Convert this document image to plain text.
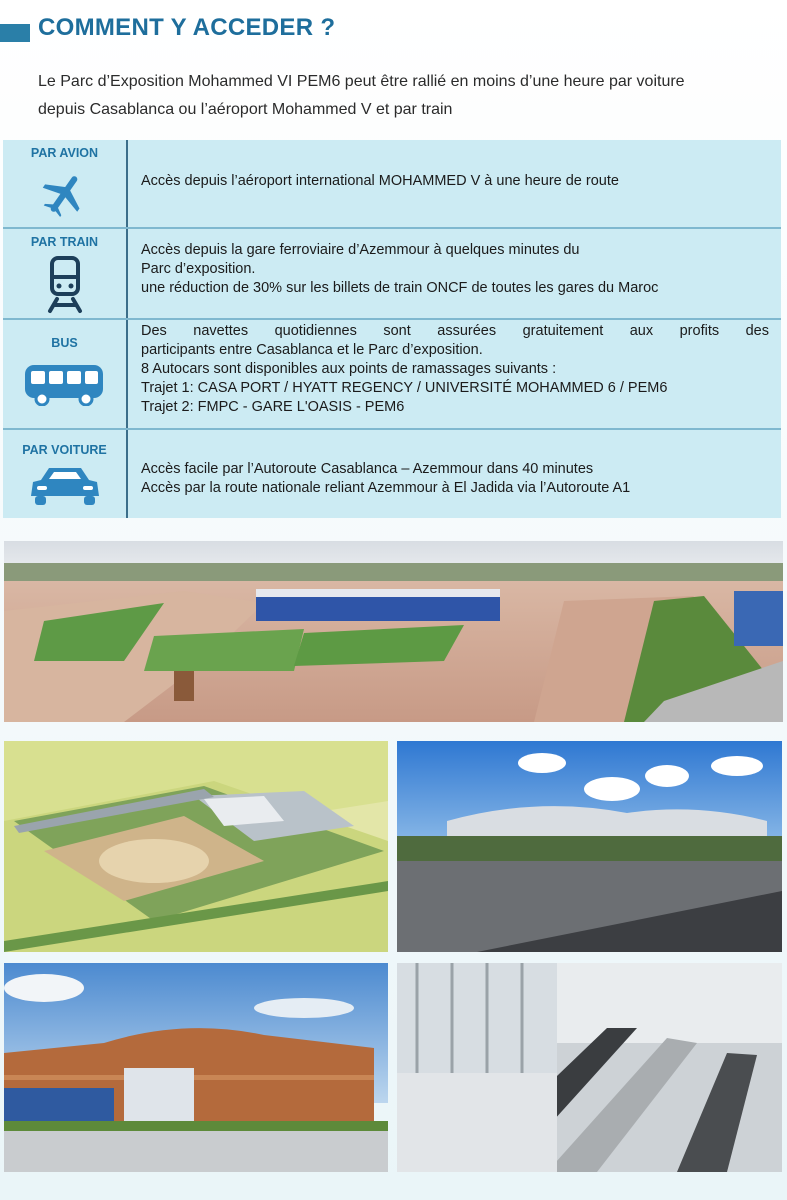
COMMENT Y ACCEDER ?
Le Parc d’Exposition Mohammed VI PEM6 peut être rallié en moins d’une heure par voiture
depuis Casablanca ou l’aéroport Mohammed V et par train
PAR AVION
Accès depuis l’aéroport international MOHAMMED V à une heure de route
PAR TRAIN	Accès depuis la gare ferroviaire d’Azemmour à quelques minutes du
Parc d’exposition.
une réduction de 30% sur les billets de train ONCF de toutes les gares du Maroc
BUS
Des navettes quotidiennes sont assurées gratuitement aux profits des
participants entre Casablanca et le Parc d’exposition.
8 Autocars sont disponibles aux points de ramassages suivants :
Trajet 1: CASA PORT / HYATT REGENCY / UNIVERSITÉ MOHAMMED 6 / PEM6
Trajet 2: FMPC - GARE L'OASIS - PEM6
PAR VOITURE
Accès facile par l’Autoroute Casablanca – Azemmour dans 40 minutes
Accès par la route nationale reliant Azemmour à El Jadida via l’Autoroute A1
